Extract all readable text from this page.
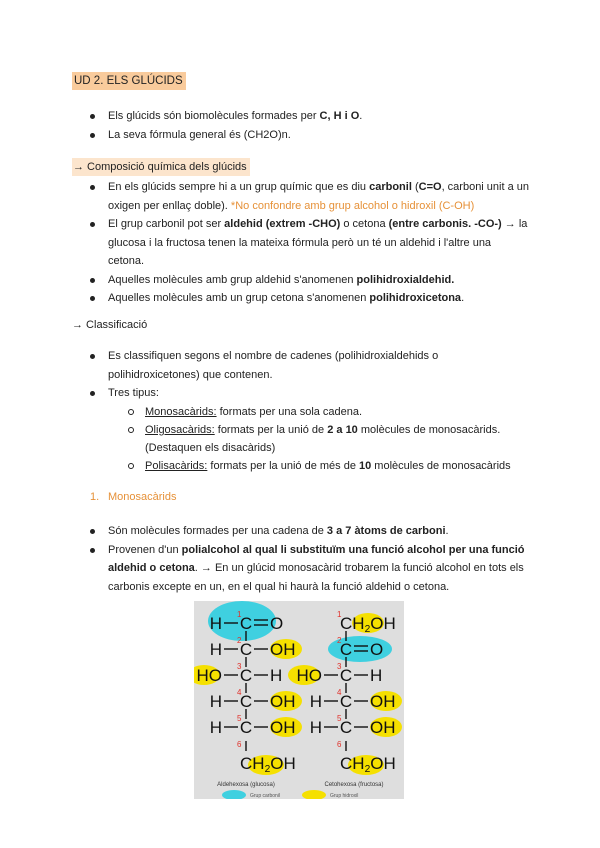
UD 2. ELS GLÚCIDS
Els glúcids són biomolècules formades per C, H i O.
La seva fórmula general és (CH2O)n.
→ Composició química dels glúcids
En els glúcids sempre hi a un grup químic que es diu carbonil (C=O, carboni unit a un oxigen per enllaç doble). *No confondre amb grup alcohol o hidroxil (C-OH)
El grup carbonil pot ser aldehid (extrem -CHO) o cetona (entre carbonis. -CO-) → la glucosa i la fructosa tenen la mateixa fórmula però un té un aldehid i l'altre una cetona.
Aquelles molècules amb grup aldehid s'anomenen polihidroxialdehid.
Aquelles molècules amb un grup cetona s'anomenen polihidroxicetona.
→ Classificació
Es classifiquen segons el nombre de cadenes (polihidroxialdehids o polihidroxicetones) que contenen.
Tres tipus:
Monosacàrids: formats per una sola cadena.
Oligosacàrids: formats per la unió de 2 a 10 molècules de monosacàrids. (Destaquen els disacàrids)
Polisacàrids: formats per la unió de més de 10 molècules de monosacàrids
1. Monosacàrids
Són molècules formades per una cadena de 3 a 7 àtoms de carboni.
Provenen d'un polialcohol al qual li substituïm una funció alcohol per una funció aldehid o cetona. → En un glúcid monosacàrid trobarem la funció alcohol en tots els carbonis excepte en un, en el qual hi haurà la funció aldehid o cetona.
1
C
H	O
2
C
H	OH
3
C
HO	H
4
C
H	OH
5
C
H	OH
6
CH2OH
1
CH2OH
2
C O
3
C
HO	H
4
C
H	OH
5
C
H	OH
6
CH2OH
Aldehexosa (glucosa)	Cetohexosa (fructosa)
Grup carbonil	Grup hidroxil
